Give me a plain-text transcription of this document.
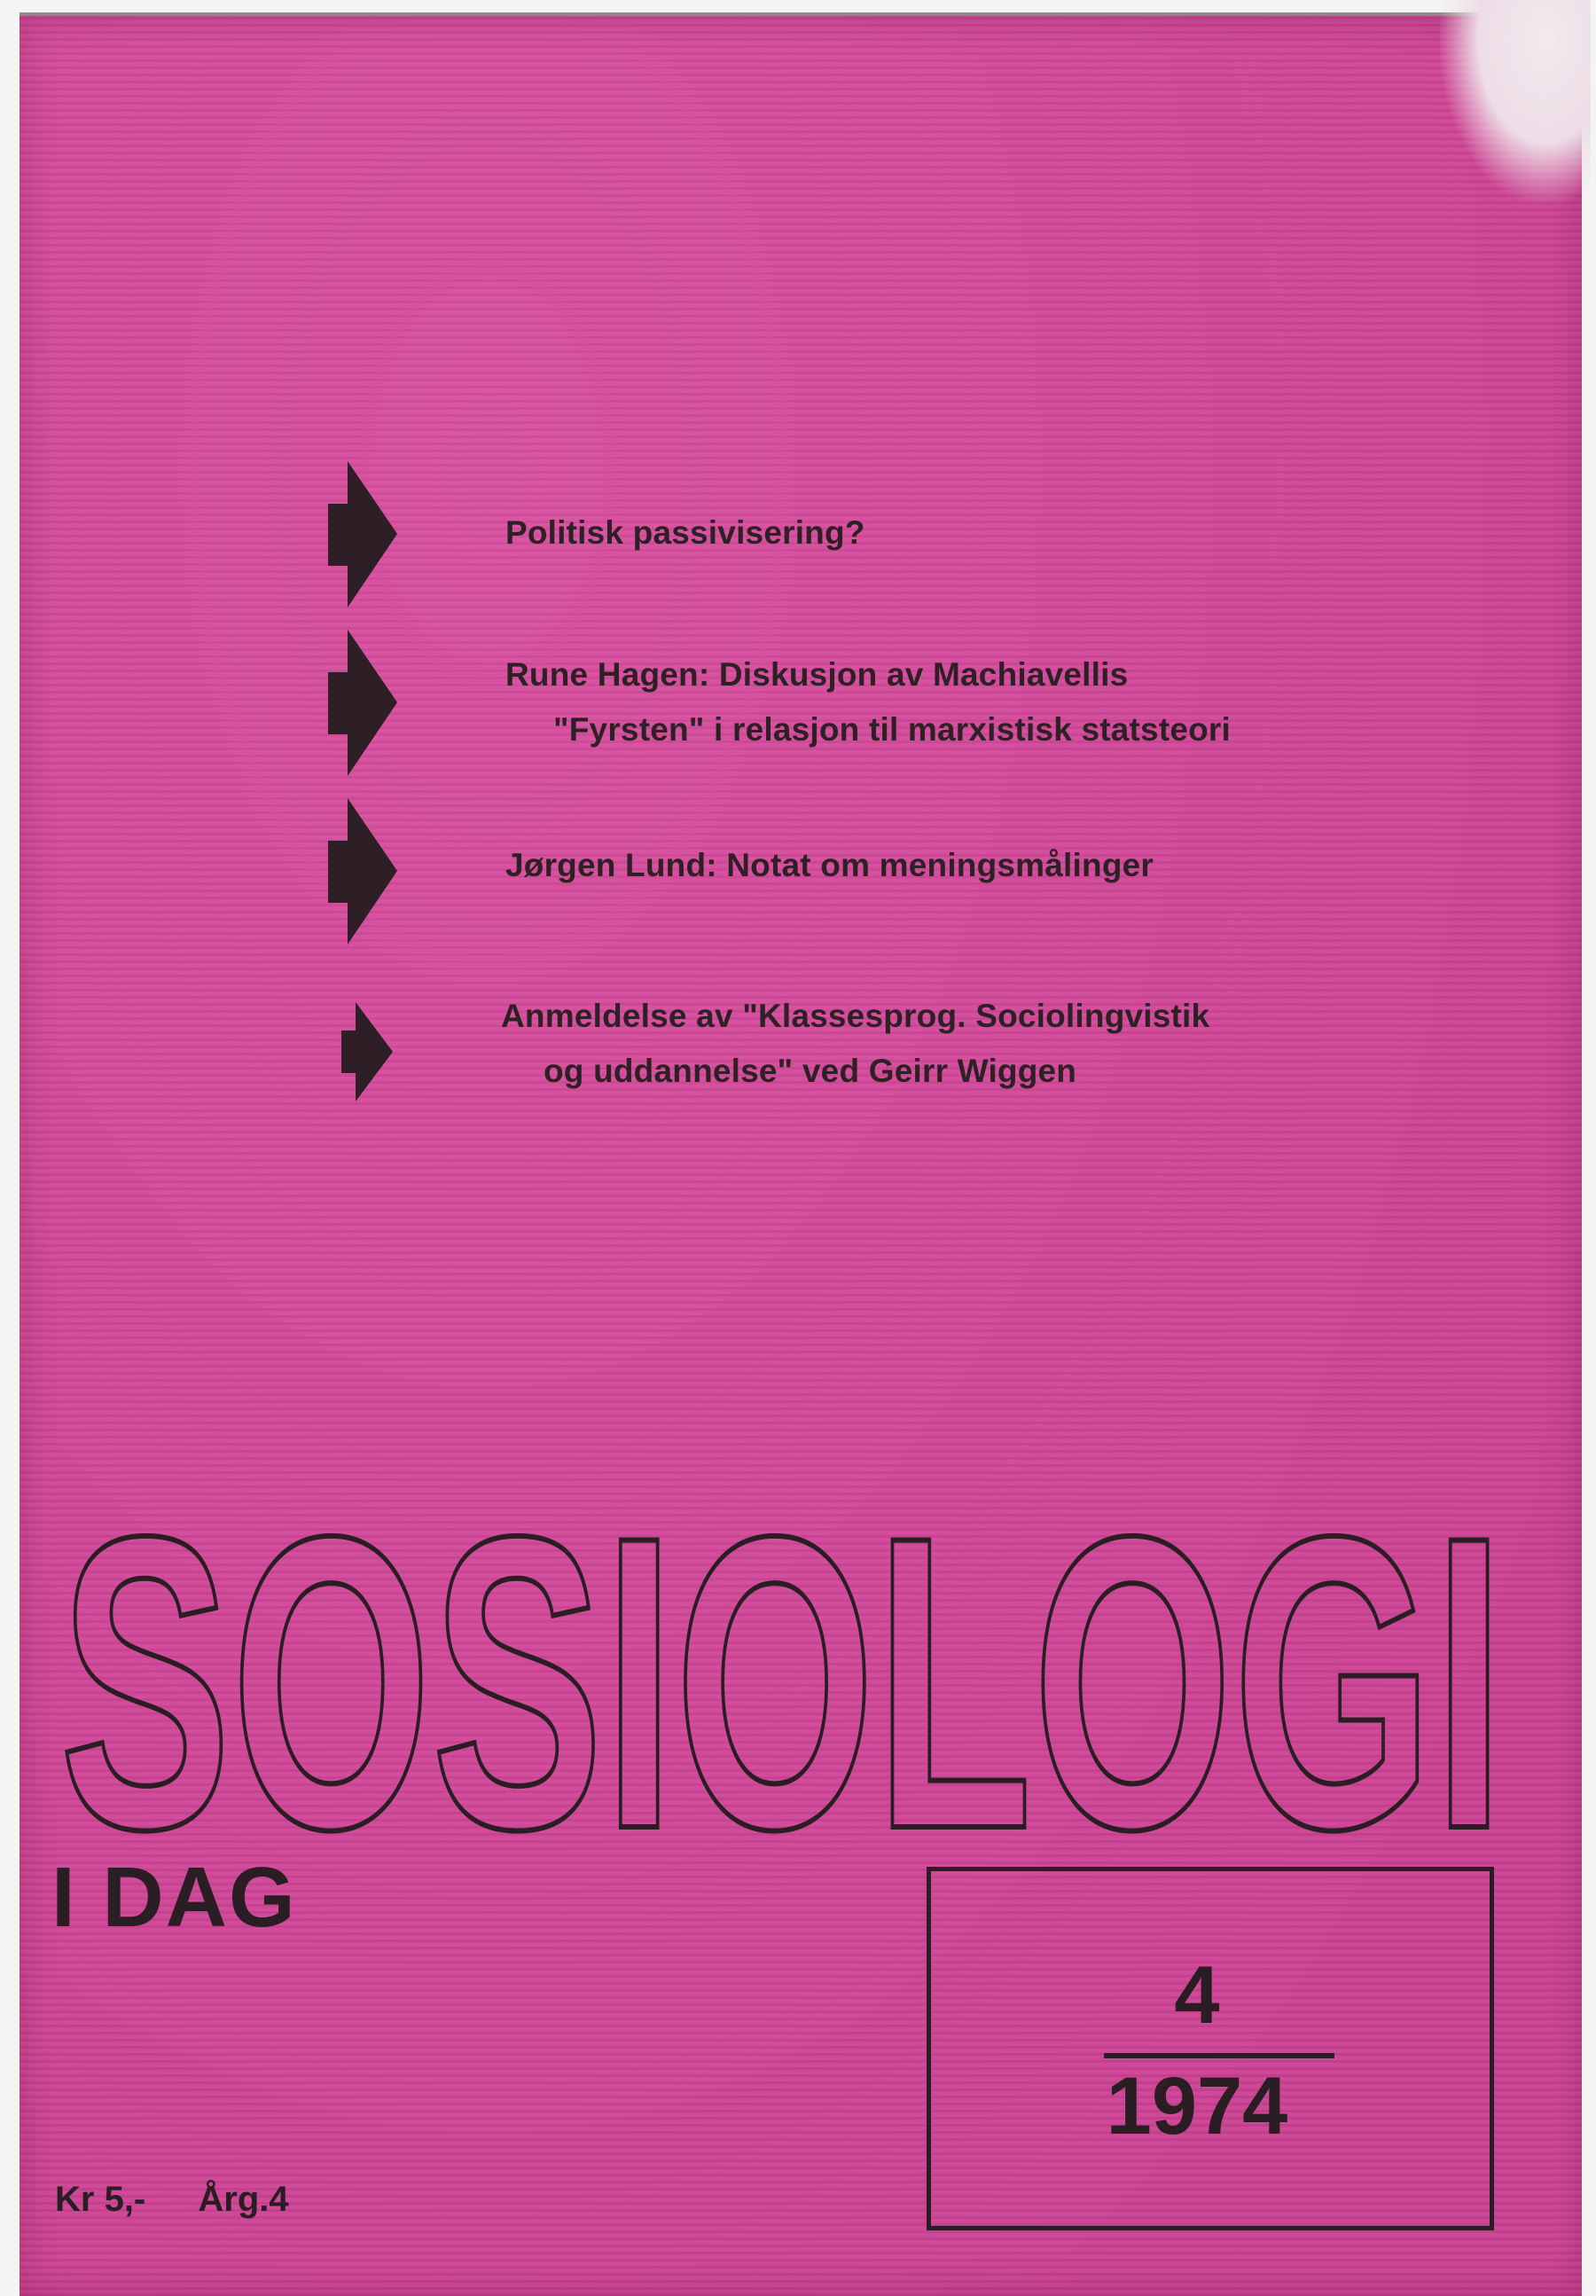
Politisk passivisering?
Rune Hagen: Diskusjon av Machiavellis
"Fyrsten" i relasjon til marxistisk statsteori
Jørgen Lund: Notat om meningsmålinger
Anmeldelse av "Klassesprog. Sociolingvistik
og uddannelse" ved Geirr Wiggen
SOSIOLOGI
I DAG
4
1974
Kr 5,- Årg.4
